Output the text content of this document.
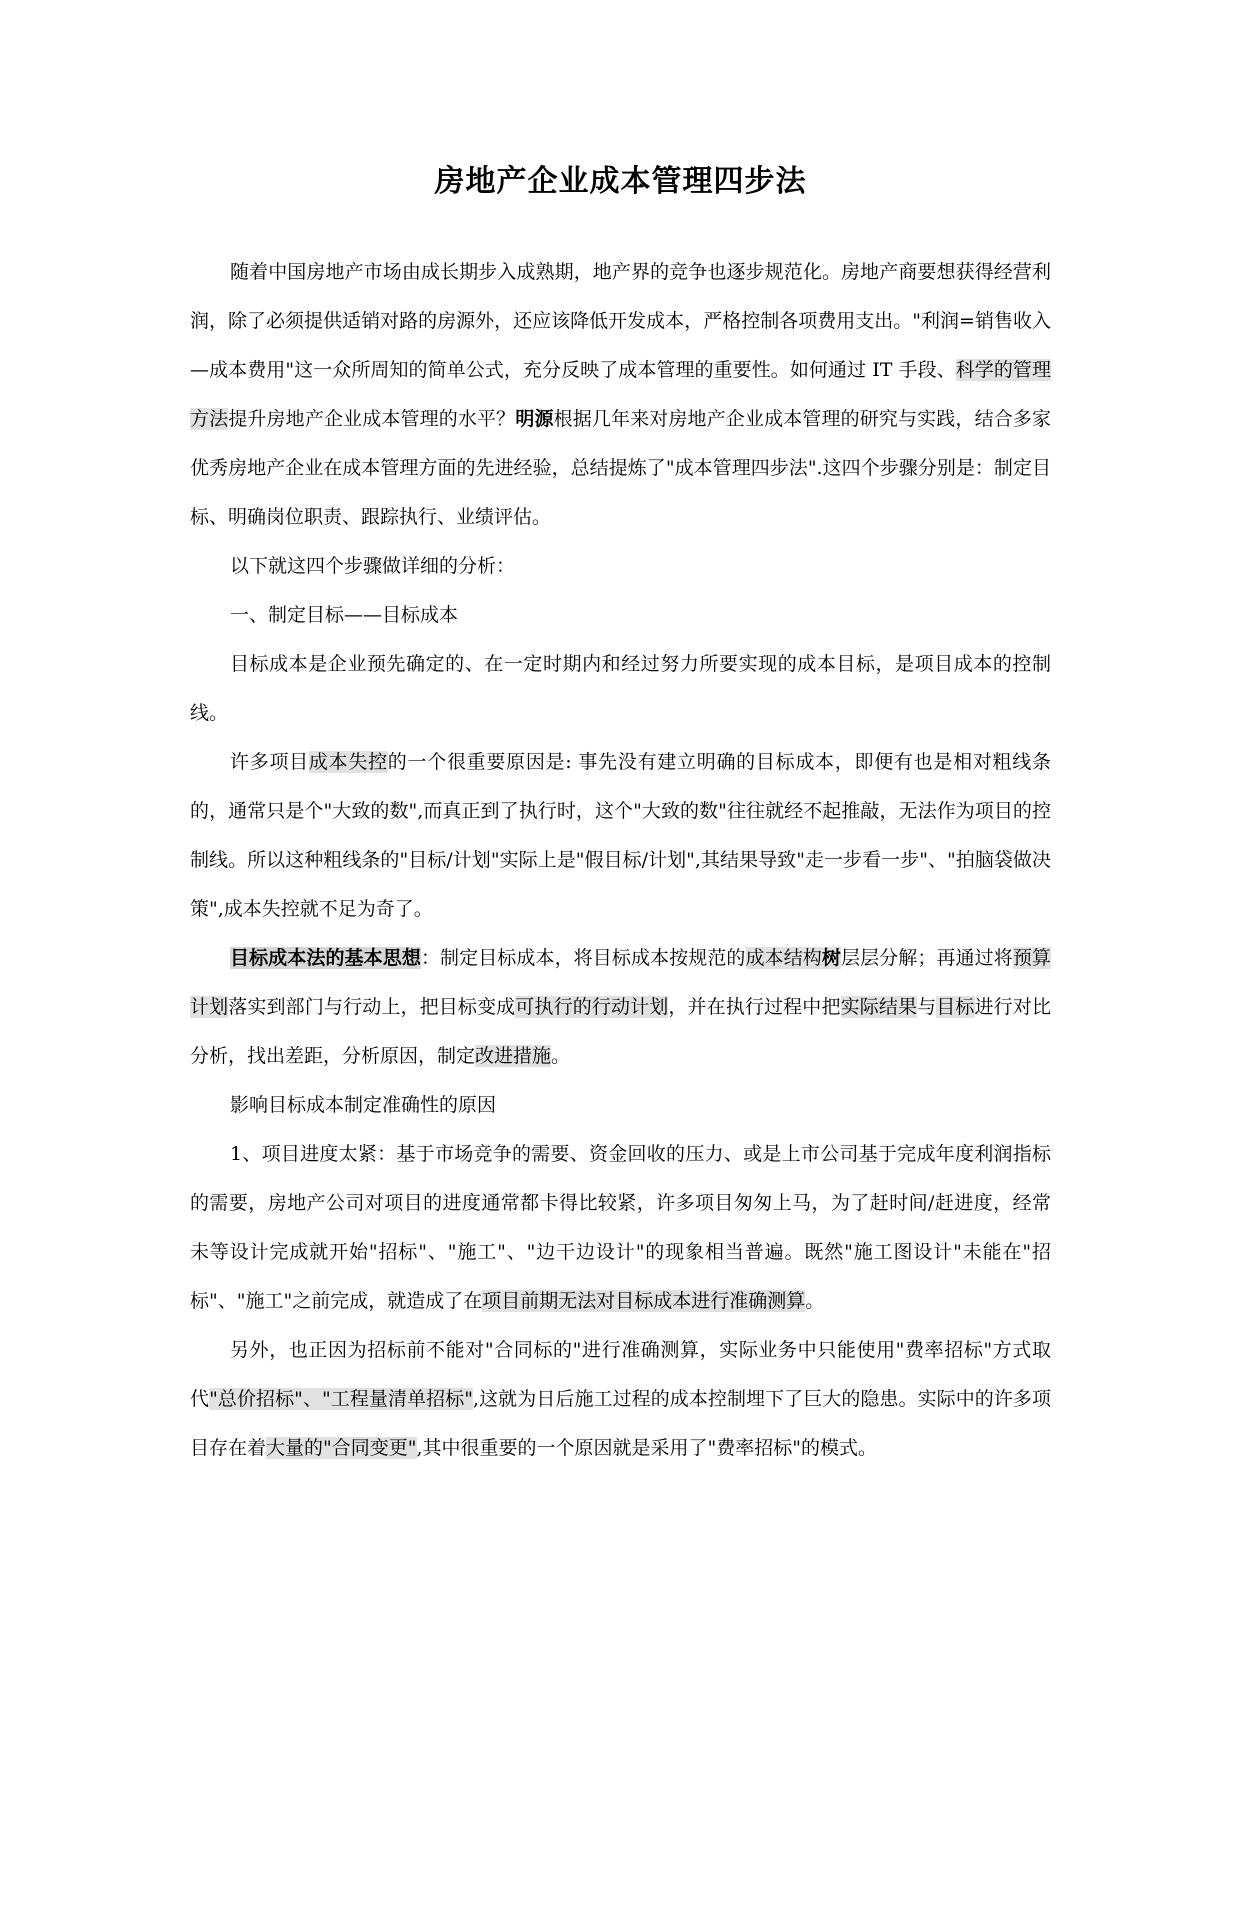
房地产企业成本管理四步法

随着中国房地产市场由成长期步入成熟期，地产界的竞争也逐步规范化。房地产商要想获得经营利润，除了必须提供适销对路的房源外，还应该降低开发成本，严格控制各项费用支出。"利润=销售收入—成本费用"这一众所周知的简单公式，充分反映了成本管理的重要性。如何通过 IT 手段、科学的管理方法提升房地产企业成本管理的水平？明源根据几年来对房地产企业成本管理的研究与实践，结合多家优秀房地产企业在成本管理方面的先进经验，总结提炼了"成本管理四步法".这四个步骤分别是：制定目标、明确岗位职责、跟踪执行、业绩评估。

以下就这四个步骤做详细的分析：

一、制定目标——目标成本

目标成本是企业预先确定的、在一定时期内和经过努力所要实现的成本目标，是项目成本的控制线。

许多项目成本失控的一个很重要原因是: 事先没有建立明确的目标成本，即便有也是相对粗线条的，通常只是个"大致的数",而真正到了执行时，这个"大致的数"往往就经不起推敲，无法作为项目的控制线。所以这种粗线条的"目标/计划"实际上是"假目标/计划",其结果导致"走一步看一步"、"拍脑袋做决策",成本失控就不足为奇了。

目标成本法的基本思想：制定目标成本，将目标成本按规范的成本结构树层层分解；再通过将预算计划落实到部门与行动上，把目标变成可执行的行动计划，并在执行过程中把实际结果与目标进行对比分析，找出差距，分析原因，制定改进措施。

影响目标成本制定准确性的原因

1、项目进度太紧：基于市场竞争的需要、资金回收的压力、或是上市公司基于完成年度利润指标的需要，房地产公司对项目的进度通常都卡得比较紧，许多项目匆匆上马，为了赶时间/赶进度，经常未等设计完成就开始"招标"、"施工"、"边干边设计"的现象相当普遍。既然"施工图设计"未能在"招标"、"施工"之前完成，就造成了在项目前期无法对目标成本进行准确测算。

另外，也正因为招标前不能对"合同标的"进行准确测算，实际业务中只能使用"费率招标"方式取代"总价招标"、"工程量清单招标",这就为日后施工过程的成本控制埋下了巨大的隐患。实际中的许多项目存在着大量的"合同变更",其中很重要的一个原因就是采用了"费率招标"的模式。
